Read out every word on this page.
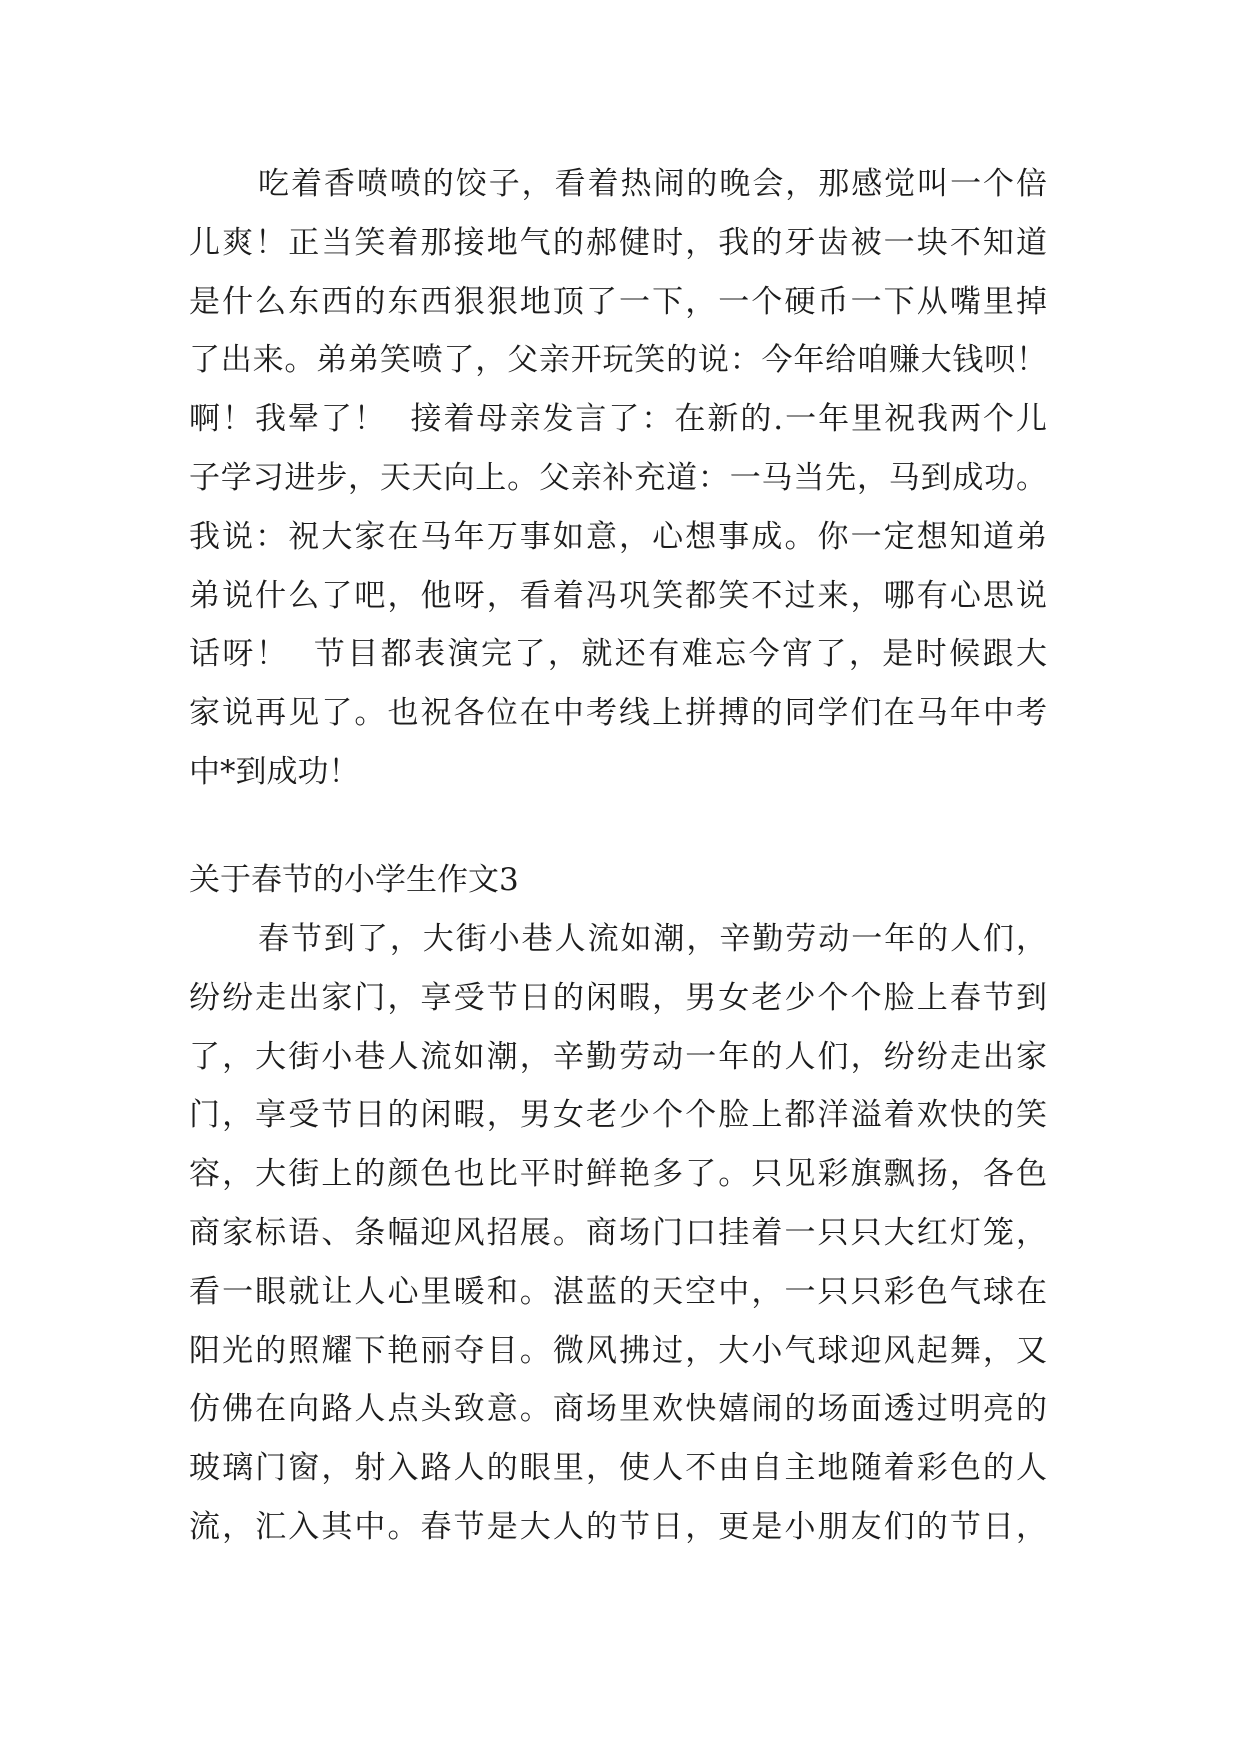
吃着香喷喷的饺子，看着热闹的晚会，那感觉叫一个倍
儿爽！正当笑着那接地气的郝健时，我的牙齿被一块不知道
是什么东西的东西狠狠地顶了一下，一个硬币一下从嘴里掉
了出来。弟弟笑喷了，父亲开玩笑的说：今年给咱赚大钱呗！
啊！我晕了！  接着母亲发言了：在新的.一年里祝我两个儿
子学习进步，天天向上。父亲补充道：一马当先，马到成功。
我说：祝大家在马年万事如意，心想事成。你一定想知道弟
弟说什么了吧，他呀，看着冯巩笑都笑不过来，哪有心思说
话呀！  节目都表演完了，就还有难忘今宵了，是时候跟大
家说再见了。也祝各位在中考线上拼搏的同学们在马年中考
中*到成功！
关于春节的小学生作文3
春节到了，大街小巷人流如潮，辛勤劳动一年的人们，
纷纷走出家门，享受节日的闲暇，男女老少个个脸上春节到
了，大街小巷人流如潮，辛勤劳动一年的人们，纷纷走出家
门，享受节日的闲暇，男女老少个个脸上都洋溢着欢快的笑
容，大街上的颜色也比平时鲜艳多了。只见彩旗飘扬，各色
商家标语、条幅迎风招展。商场门口挂着一只只大红灯笼，
看一眼就让人心里暖和。湛蓝的天空中，一只只彩色气球在
阳光的照耀下艳丽夺目。微风拂过，大小气球迎风起舞，又
仿佛在向路人点头致意。商场里欢快嬉闹的场面透过明亮的
玻璃门窗，射入路人的眼里，使人不由自主地随着彩色的人
流，汇入其中。春节是大人的节日，更是小朋友们的节日，
